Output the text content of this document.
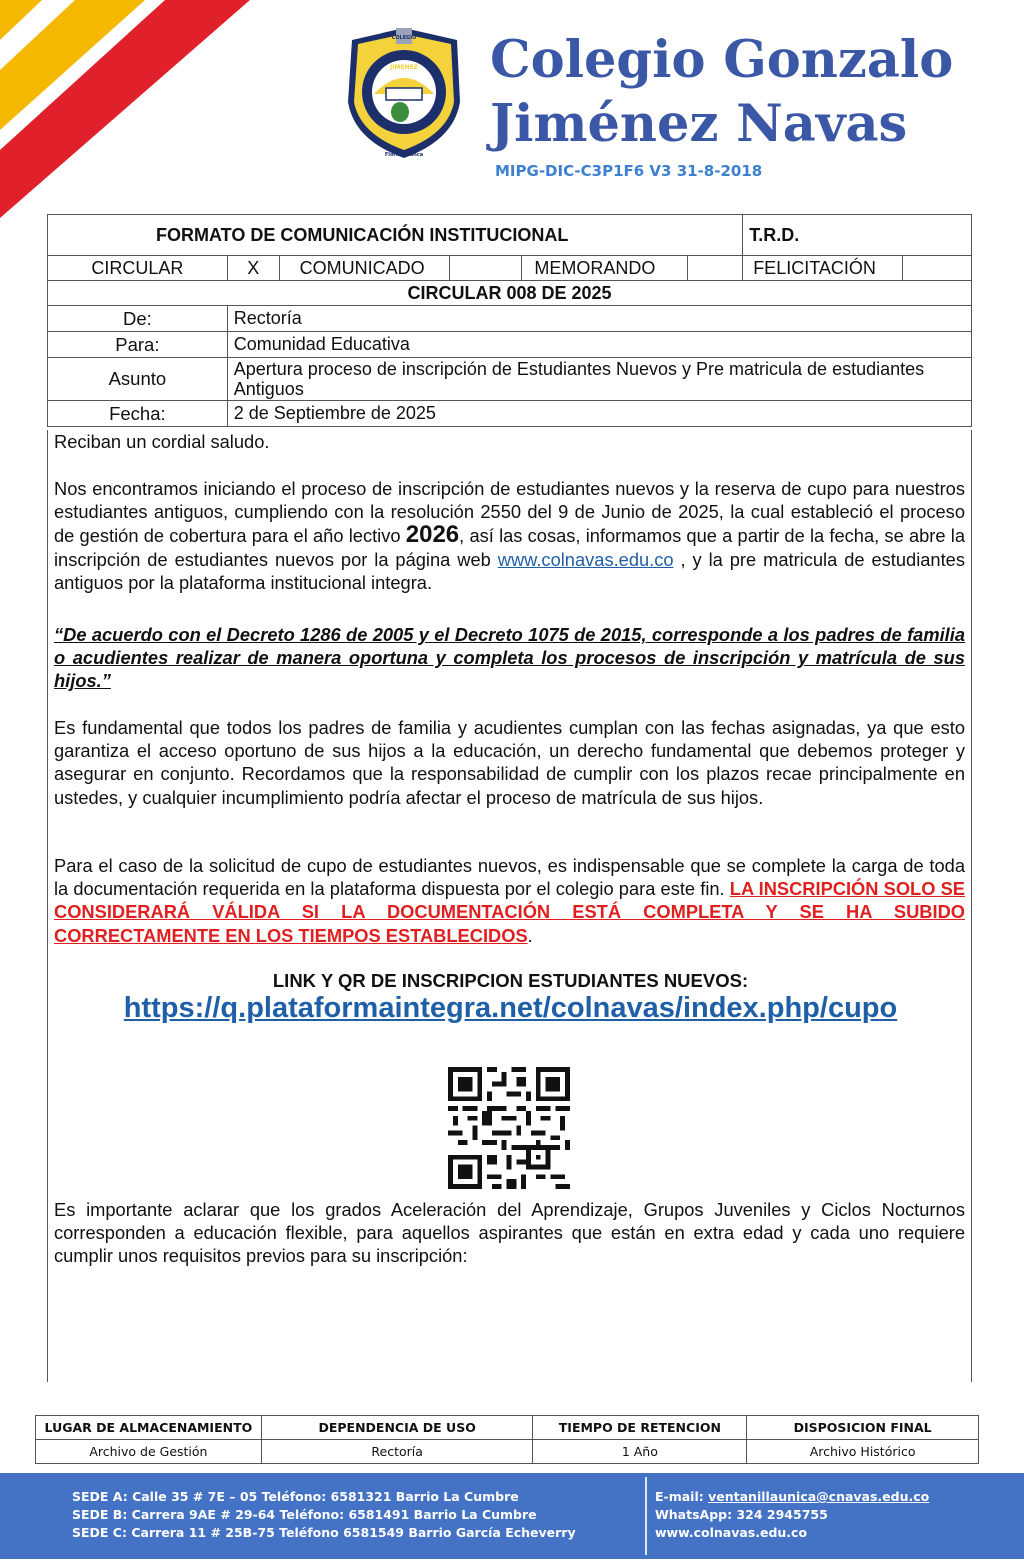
COLEGIO
JIMENEZ
Floridablanca
Colegio Gonzalo
Jiménez Navas
MIPG-DIC-C3P1F6 V3 31-8-2018
FORMATO DE COMUNICACIÓN INSTITUCIONAL						T.R.D.	
CIRCULAR	X	COMUNICADO		MEMORANDO		FELICITACIÓN	
CIRCULAR 008 DE 2025							
De:	Rectoría						
Para:	Comunidad Educativa						
Asunto	Apertura proceso de inscripción de Estudiantes Nuevos y Pre matricula de estudiantes Antiguos						
Fecha:	2 de Septiembre de 2025						
Reciban un cordial saludo.
Nos encontramos iniciando el proceso de inscripción de estudiantes nuevos y la reserva de cupo para nuestros estudiantes antiguos, cumpliendo con la resolución 2550 del 9 de Junio de 2025, la cual estableció el proceso de gestión de cobertura para el año lectivo 2026, así las cosas, informamos que a partir de la fecha, se abre la inscripción de estudiantes nuevos por la página web www.colnavas.edu.co , y la pre matricula de estudiantes antiguos por la plataforma institucional integra.
“De acuerdo con el Decreto 1286 de 2005 y el Decreto 1075 de 2015, corresponde a los padres de familia o acudientes realizar de manera oportuna y completa los procesos de inscripción y matrícula de sus hijos.”
Es fundamental que todos los padres de familia y acudientes cumplan con las fechas asignadas, ya que esto garantiza el acceso oportuno de sus hijos a la educación, un derecho fundamental que debemos proteger y asegurar en conjunto. Recordamos que la responsabilidad de cumplir con los plazos recae principalmente en ustedes, y cualquier incumplimiento podría afectar el proceso de matrícula de sus hijos.
Para el caso de la solicitud de cupo de estudiantes nuevos, es indispensable que se complete la carga de toda la documentación requerida en la plataforma dispuesta por el colegio para este fin. LA INSCRIPCIÓN SOLO SE CONSIDERARÁ VÁLIDA SI LA DOCUMENTACIÓN ESTÁ COMPLETA Y SE HA SUBIDO CORRECTAMENTE EN LOS TIEMPOS ESTABLECIDOS.
LINK Y QR DE INSCRIPCION ESTUDIANTES NUEVOS:
https://q.plataformaintegra.net/colnavas/index.php/cupo
Es importante aclarar que los grados Aceleración del Aprendizaje, Grupos Juveniles y Ciclos Nocturnos corresponden a educación flexible, para aquellos aspirantes que están en extra edad y cada uno requiere cumplir unos requisitos previos para su inscripción:
LUGAR DE ALMACENAMIENTO	DEPENDENCIA DE USO	TIEMPO DE RETENCION	DISPOSICION FINAL
Archivo de Gestión	Rectoría	1 Año	Archivo Histórico
SEDE A: Calle 35 # 7E – 05 Teléfono: 6581321 Barrio La Cumbre
SEDE B: Carrera 9AE # 29-64 Teléfono: 6581491 Barrio La Cumbre
SEDE C: Carrera 11 # 25B-75 Teléfono 6581549 Barrio García Echeverry
E-mail: ventanillaunica@cnavas.edu.co
WhatsApp: 324 2945755
www.colnavas.edu.co
